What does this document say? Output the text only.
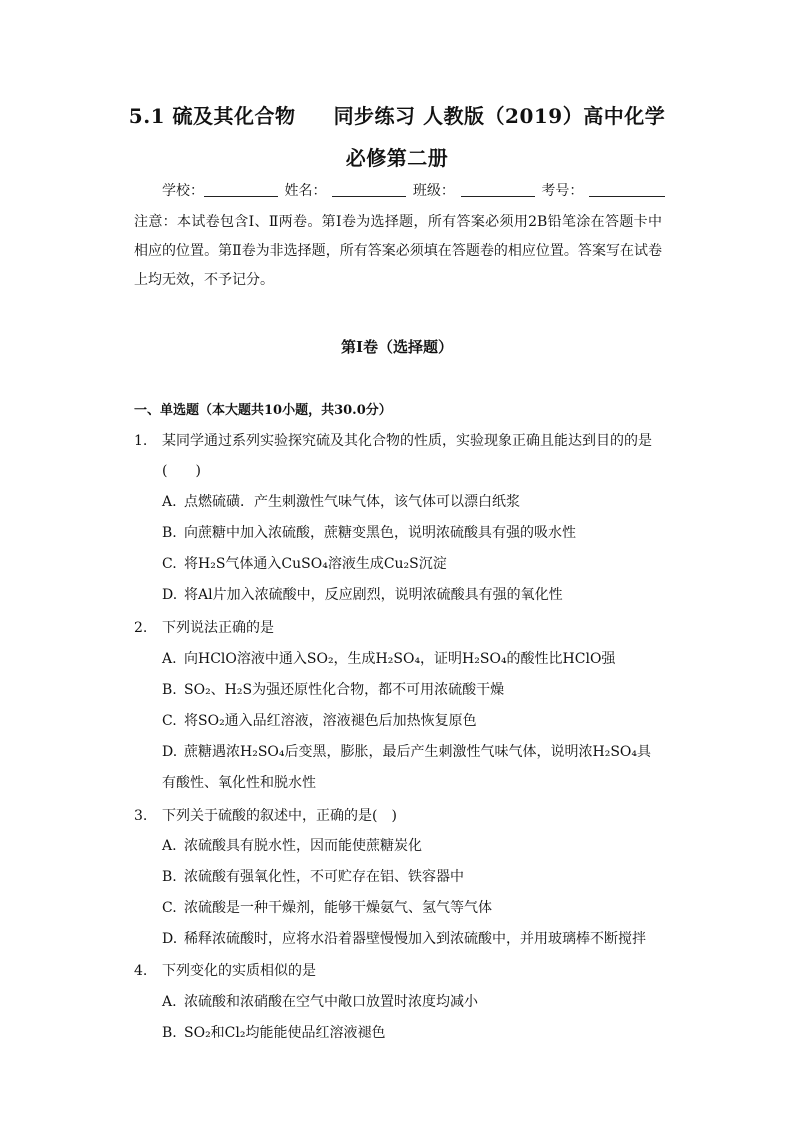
5.1 硫及其化合物 同步练习 人教版（2019）高中化学
必修第二册
学校：	姓名：	班级：	考号：
注意：本试卷包含Ⅰ、Ⅱ两卷。第Ⅰ卷为选择题，所有答案必须用2B铅笔涂在答题卡中相应的位置。第Ⅱ卷为非选择题，所有答案必须填在答题卷的相应位置。答案写在试卷上均无效，不予记分。
第Ⅰ卷（选择题）
一、单选题（本大题共10小题，共30.0分）
1.	某同学通过系列实验探究硫及其化合物的性质，实验现象正确且能达到目的的是(　　)
A. 点燃硫磺．产生刺激性气味气体，该气体可以漂白纸浆
B. 向蔗糖中加入浓硫酸，蔗糖变黑色，说明浓硫酸具有强的吸水性
C. 将H₂S气体通入CuSO₄溶液生成Cu₂S沉淀
D. 将Al片加入浓硫酸中，反应剧烈，说明浓硫酸具有强的氧化性
2.	下列说法正确的是
A. 向HClO溶液中通入SO₂，生成H₂SO₄，证明H₂SO₄的酸性比HClO强
B. SO₂、H₂S为强还原性化合物，都不可用浓硫酸干燥
C. 将SO₂通入品红溶液，溶液褪色后加热恢复原色
D. 蔗糖遇浓H₂SO₄后变黑，膨胀，最后产生刺激性气味气体，说明浓H₂SO₄具有酸性、氧化性和脱水性
3.	下列关于硫酸的叙述中，正确的是(　)
A. 浓硫酸具有脱水性，因而能使蔗糖炭化
B. 浓硫酸有强氧化性，不可贮存在铝、铁容器中
C. 浓硫酸是一种干燥剂，能够干燥氨气、氢气等气体
D. 稀释浓硫酸时，应将水沿着器壁慢慢加入到浓硫酸中，并用玻璃棒不断搅拌
4.	下列变化的实质相似的是
A. 浓硫酸和浓硝酸在空气中敞口放置时浓度均减小
B. SO₂和Cl₂均能能使品红溶液褪色
